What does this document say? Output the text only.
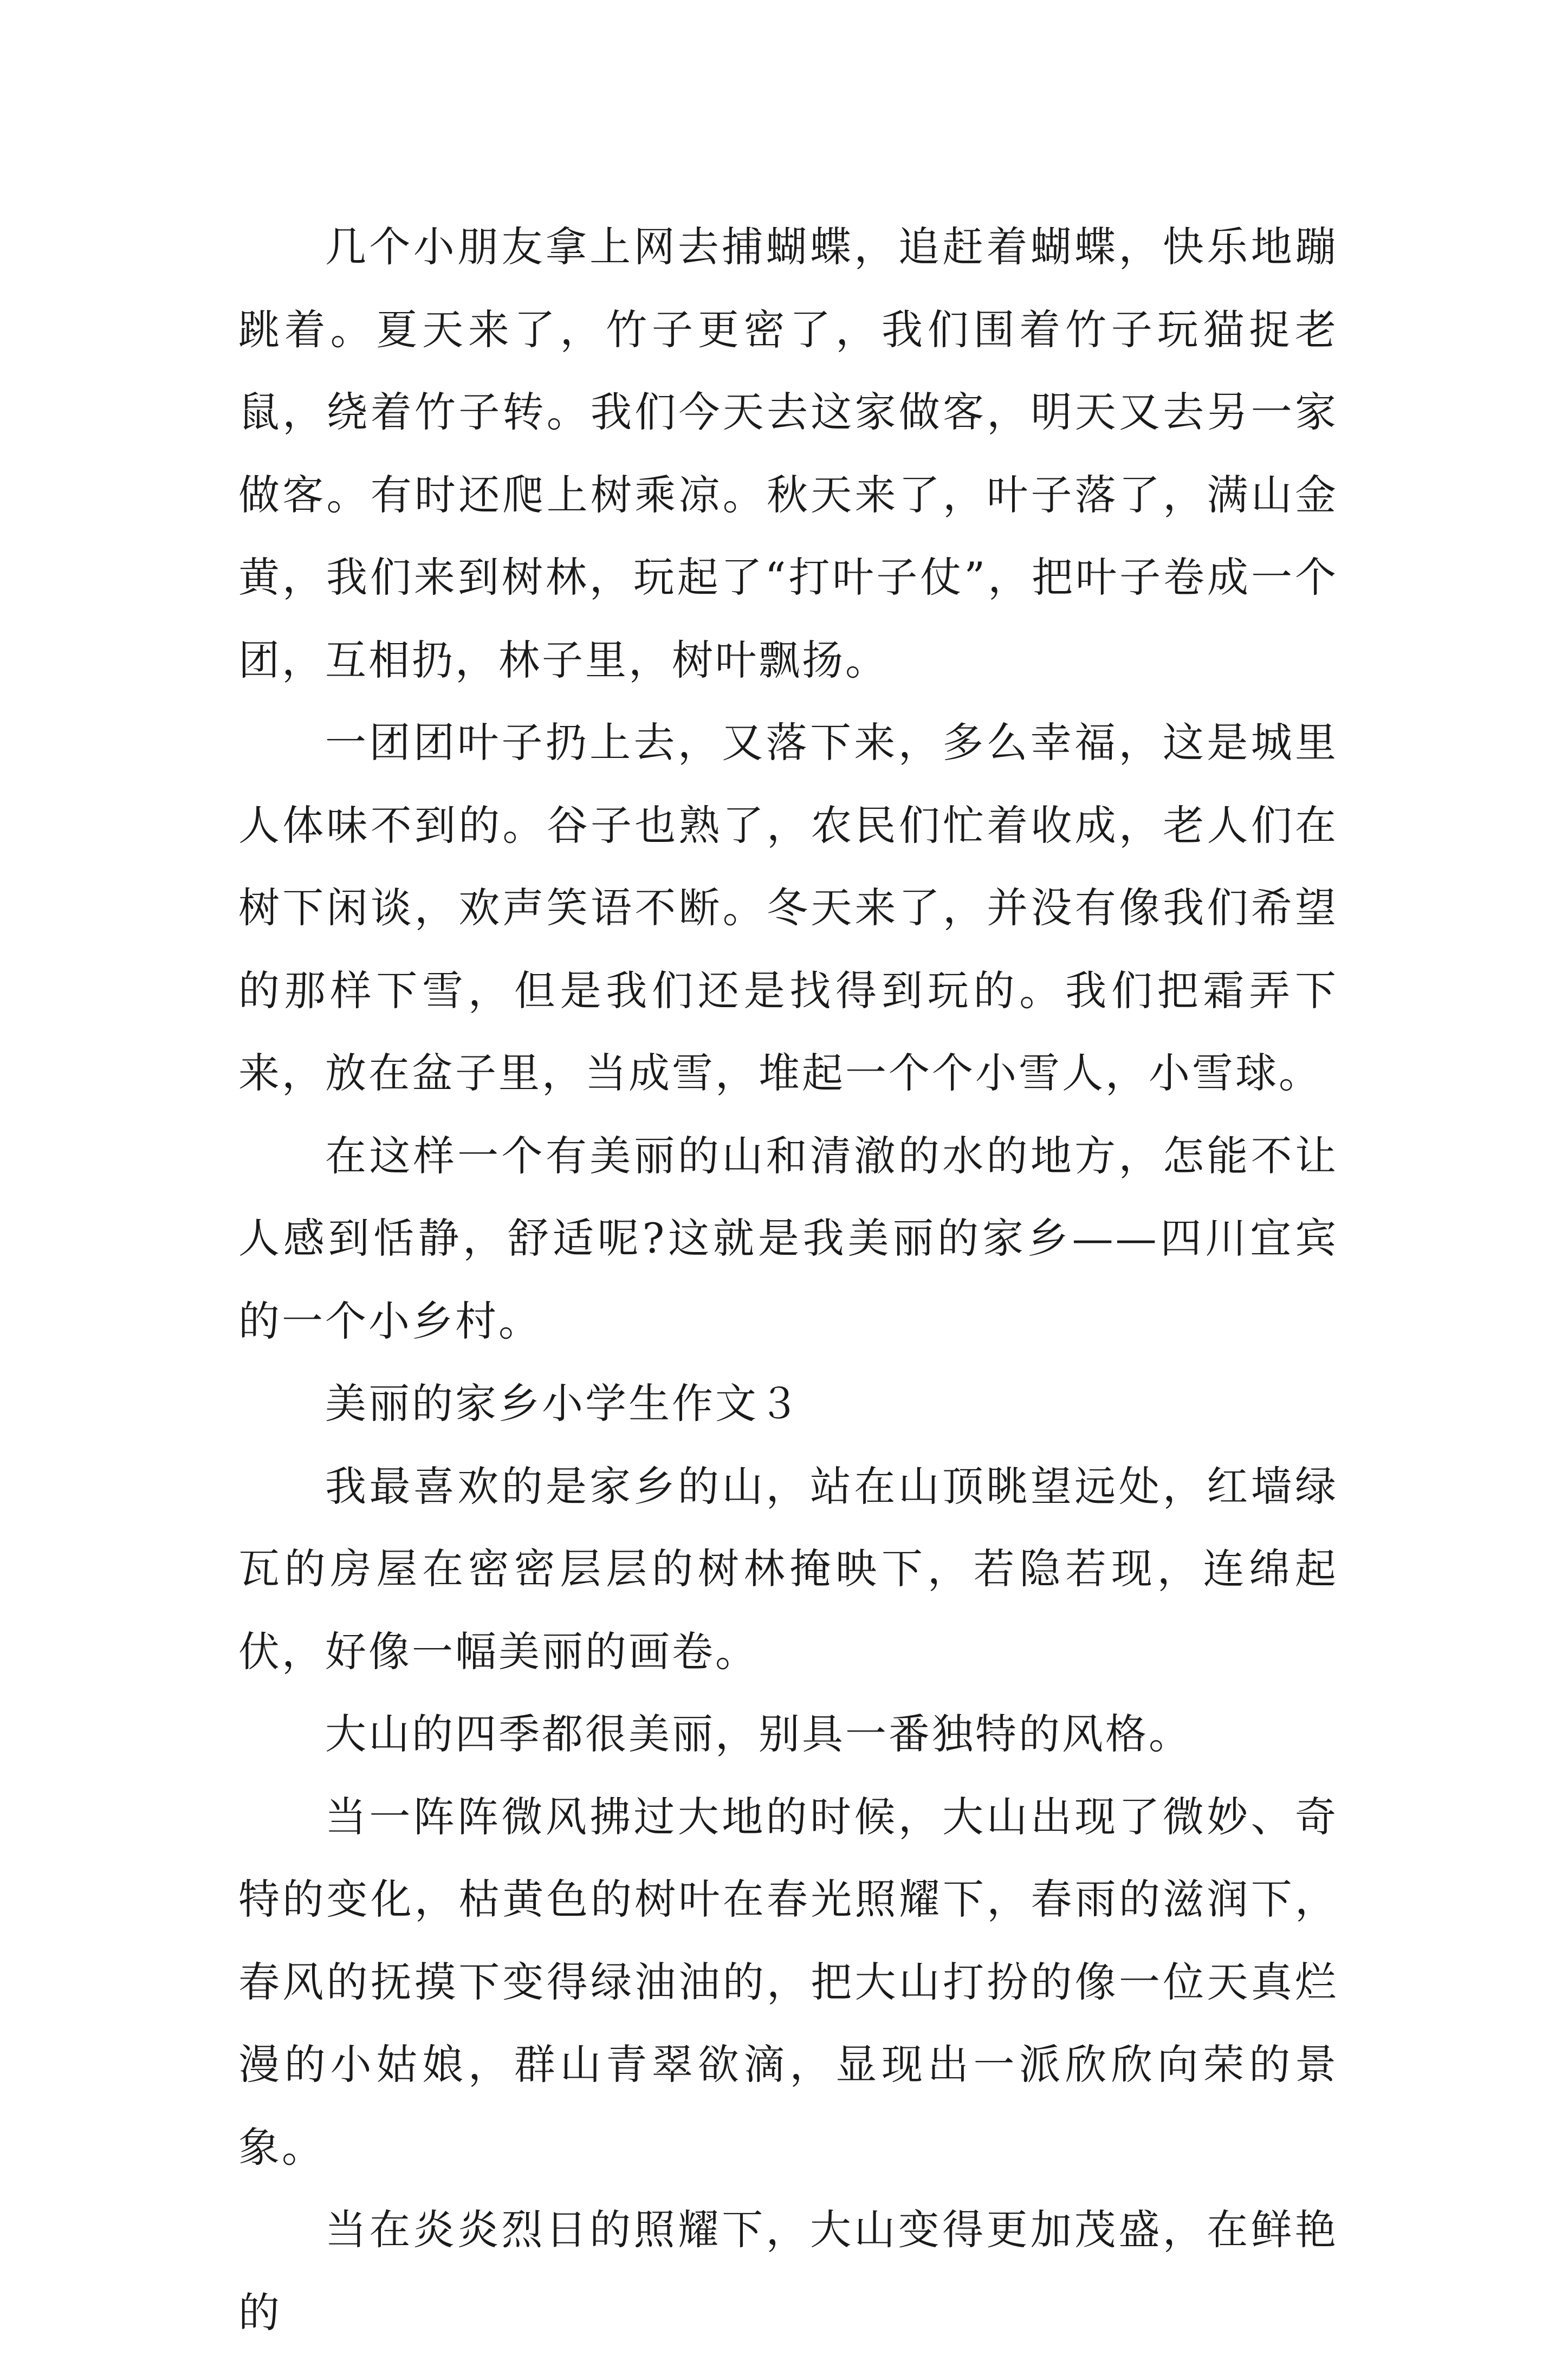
几个小朋友拿上网去捕蝴蝶，追赶着蝴蝶，快乐地蹦跳着。夏天来了，竹子更密了，我们围着竹子玩猫捉老鼠，绕着竹子转。我们今天去这家做客，明天又去另一家做客。有时还爬上树乘凉。秋天来了，叶子落了，满山金黄，我们来到树林，玩起了“打叶子仗”，把叶子卷成一个团，互相扔，林子里，树叶飘扬。

一团团叶子扔上去，又落下来，多么幸福，这是城里人体味不到的。谷子也熟了，农民们忙着收成，老人们在树下闲谈，欢声笑语不断。冬天来了，并没有像我们希望的那样下雪，但是我们还是找得到玩的。我们把霜弄下来，放在盆子里，当成雪，堆起一个个小雪人，小雪球。

在这样一个有美丽的山和清澈的水的地方，怎能不让人感到恬静，舒适呢?这就是我美丽的家乡——四川宜宾的一个小乡村。

美丽的家乡小学生作文３

我最喜欢的是家乡的山，站在山顶眺望远处，红墙绿瓦的房屋在密密层层的树林掩映下，若隐若现，连绵起伏，好像一幅美丽的画卷。

大山的四季都很美丽，别具一番独特的风格。

当一阵阵微风拂过大地的时候，大山出现了微妙、奇特的变化，枯黄色的树叶在春光照耀下，春雨的滋润下，春风的抚摸下变得绿油油的，把大山打扮的像一位天真烂漫的小姑娘，群山青翠欲滴，显现出一派欣欣向荣的景象。

当在炎炎烈日的照耀下，大山变得更加茂盛，在鲜艳的
